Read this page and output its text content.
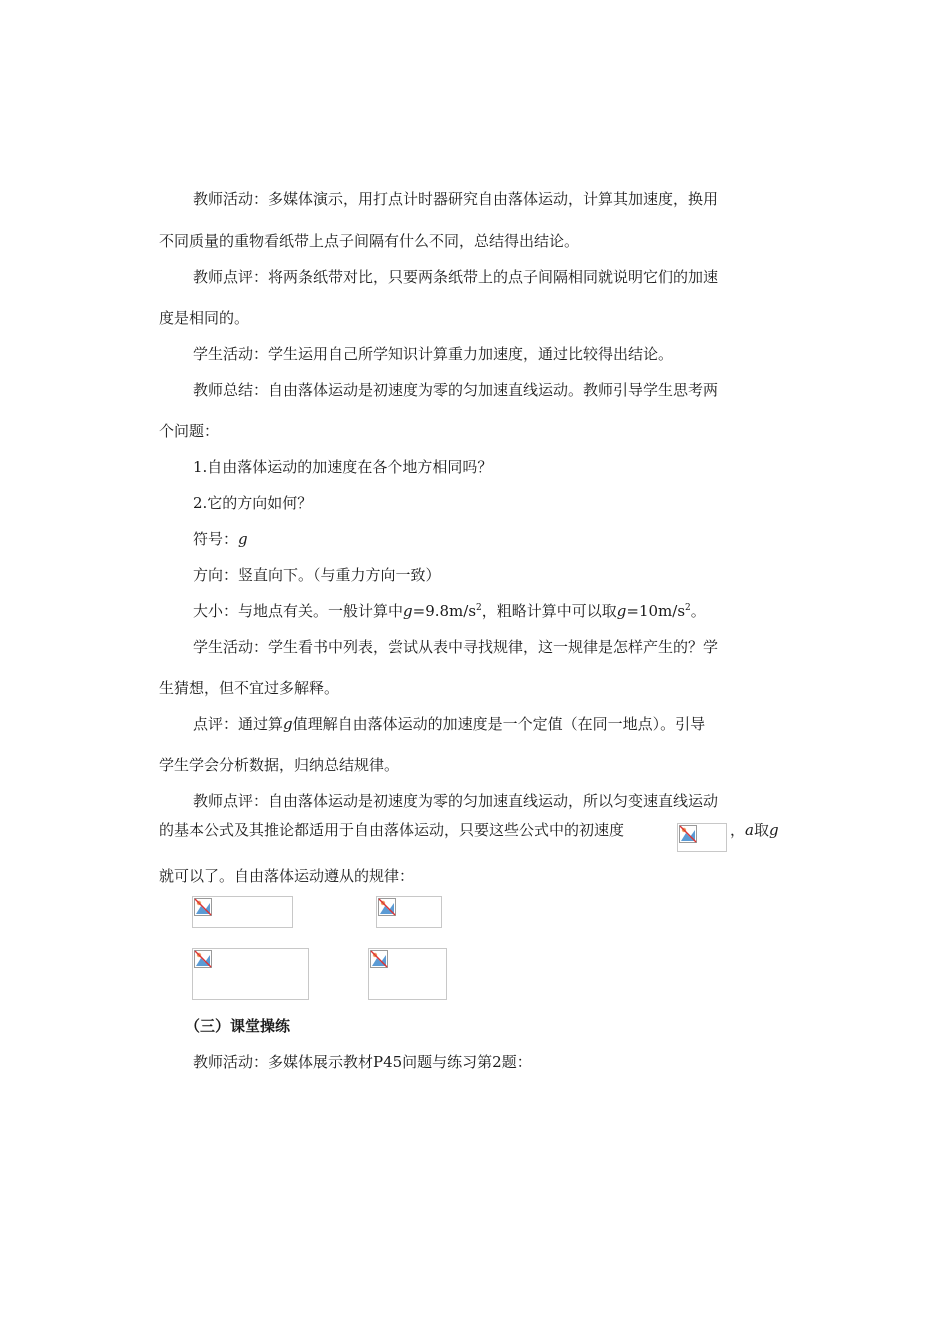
教师活动：多媒体演示，用打点计时器研究自由落体运动，计算其加速度，换用
不同质量的重物看纸带上点子间隔有什么不同，总结得出结论。
教师点评：将两条纸带对比，只要两条纸带上的点子间隔相同就说明它们的加速
度是相同的。
学生活动：学生运用自己所学知识计算重力加速度，通过比较得出结论。
教师总结：自由落体运动是初速度为零的匀加速直线运动。教师引导学生思考两
个问题：
1.自由落体运动的加速度在各个地方相同吗？
2.它的方向如何？
符号：g
方向：竖直向下。（与重力方向一致）
大小：与地点有关。一般计算中$g=9.8m/s^2$，粗略计算中可以取$g=10m/s^2$。
学生活动：学生看书中列表，尝试从表中寻找规律，这一规律是怎样产生的？学
生猜想，但不宜过多解释。
点评：通过算g值理解自由落体运动的加速度是一个定值（在同一地点）。引导
学生学会分析数据，归纳总结规律。
教师点评：自由落体运动是初速度为零的匀加速直线运动，所以匀变速直线运动
的基本公式及其推论都适用于自由落体运动，只要这些公式中的初速度	，a取g
就可以了。自由落体运动遵从的规律：
（三）课堂操练
教师活动：多媒体展示教材P45问题与练习第2题：
